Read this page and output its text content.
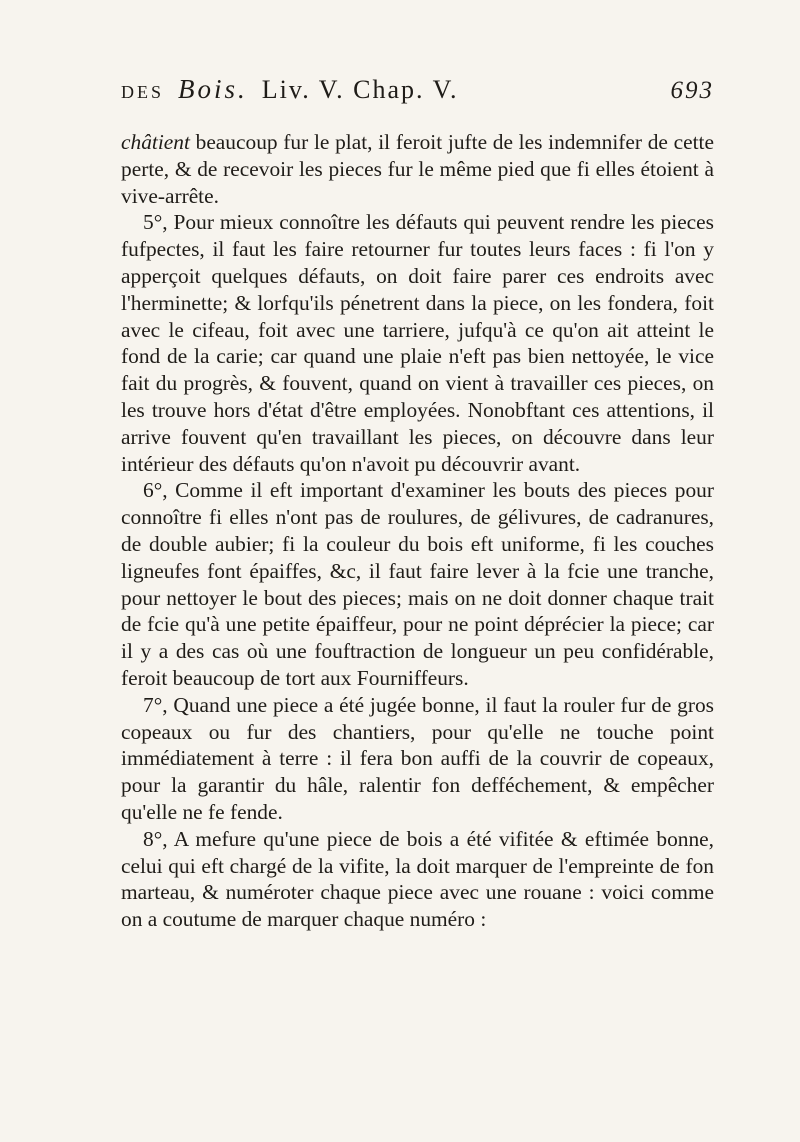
DES Bois. Liv. V. Chap. V.	693

châtient beaucoup fur le plat, il feroit jufte de les indemnifer de cette perte, & de recevoir les pieces fur le même pied que fi elles étoient à vive-arrête.

5°, Pour mieux connoître les défauts qui peuvent rendre les pieces fufpectes, il faut les faire retourner fur toutes leurs faces : fi l'on y apperçoit quelques défauts, on doit faire parer ces endroits avec l'herminette; & lorfqu'ils pénetrent dans la piece, on les fondera, foit avec le cifeau, foit avec une tarriere, jufqu'à ce qu'on ait atteint le fond de la carie; car quand une plaie n'eft pas bien nettoyée, le vice fait du progrès, & fouvent, quand on vient à travailler ces pieces, on les trouve hors d'état d'être employées. Nonobftant ces attentions, il arrive fouvent qu'en travaillant les pieces, on découvre dans leur intérieur des défauts qu'on n'avoit pu découvrir avant.

6°, Comme il eft important d'examiner les bouts des pieces pour connoître fi elles n'ont pas de roulures, de gélivures, de cadranures, de double aubier; fi la couleur du bois eft uniforme, fi les couches ligneufes font épaiffes, &c, il faut faire lever à la fcie une tranche, pour nettoyer le bout des pieces; mais on ne doit donner chaque trait de fcie qu'à une petite épaiffeur, pour ne point déprécier la piece; car il y a des cas où une fouftraction de longueur un peu confidérable, feroit beaucoup de tort aux Fourniffeurs.

7°, Quand une piece a été jugée bonne, il faut la rouler fur de gros copeaux ou fur des chantiers, pour qu'elle ne touche point immédiatement à terre : il fera bon auffi de la couvrir de copeaux, pour la garantir du hâle, ralentir fon defféchement, & empêcher qu'elle ne fe fende.

8°, A mefure qu'une piece de bois a été vifitée & eftimée bonne, celui qui eft chargé de la vifite, la doit marquer de l'empreinte de fon marteau, & numéroter chaque piece avec une rouane : voici comme on a coutume de marquer chaque numéro :
